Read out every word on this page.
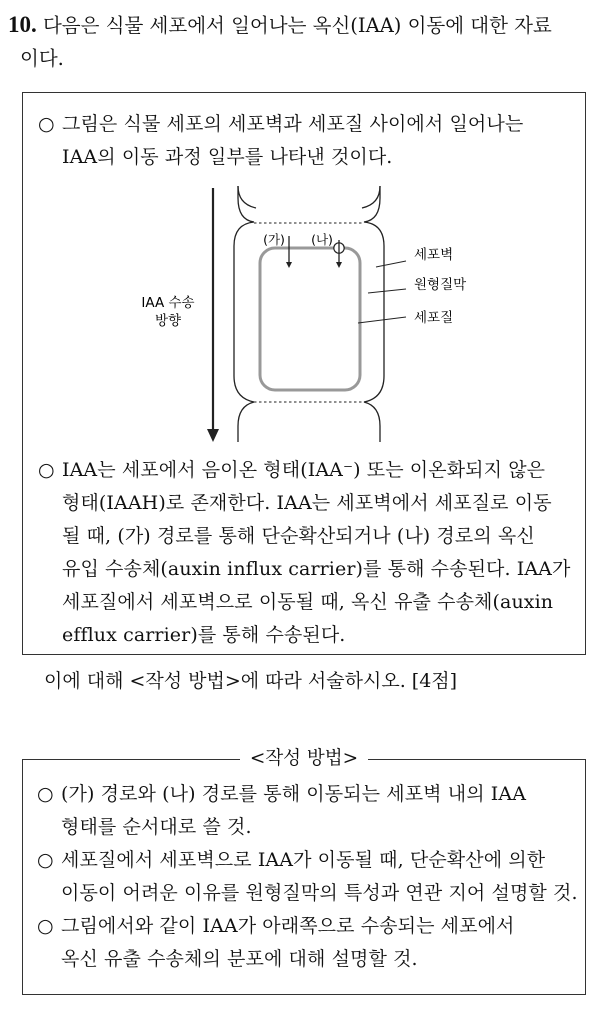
10. 다음은 식물 세포에서 일어나는 옥신(IAA) 이동에 대한 자료
이다.
○ 그림은 식물 세포의 세포벽과 세포질 사이에서 일어나는
IAA의 이동 과정 일부를 나타낸 것이다.
IAA 수송
방향
(가) (나)
세포벽
원형질막
세포질
○ IAA는 세포에서 음이온 형태(IAA⁻) 또는 이온화되지 않은
형태(IAAH)로 존재한다. IAA는 세포벽에서 세포질로 이동
될 때, (가) 경로를 통해 단순확산되거나 (나) 경로의 옥신
유입 수송체(auxin influx carrier)를 통해 수송된다. IAA가
세포질에서 세포벽으로 이동될 때, 옥신 유출 수송체(auxin
efflux carrier)를 통해 수송된다.
이에 대해 <작성 방법>에 따라 서술하시오. [4점]
<작성 방법>
○ (가) 경로와 (나) 경로를 통해 이동되는 세포벽 내의 IAA
형태를 순서대로 쓸 것.
○ 세포질에서 세포벽으로 IAA가 이동될 때, 단순확산에 의한
이동이 어려운 이유를 원형질막의 특성과 연관 지어 설명할 것.
○ 그림에서와 같이 IAA가 아래쪽으로 수송되는 세포에서
옥신 유출 수송체의 분포에 대해 설명할 것.
